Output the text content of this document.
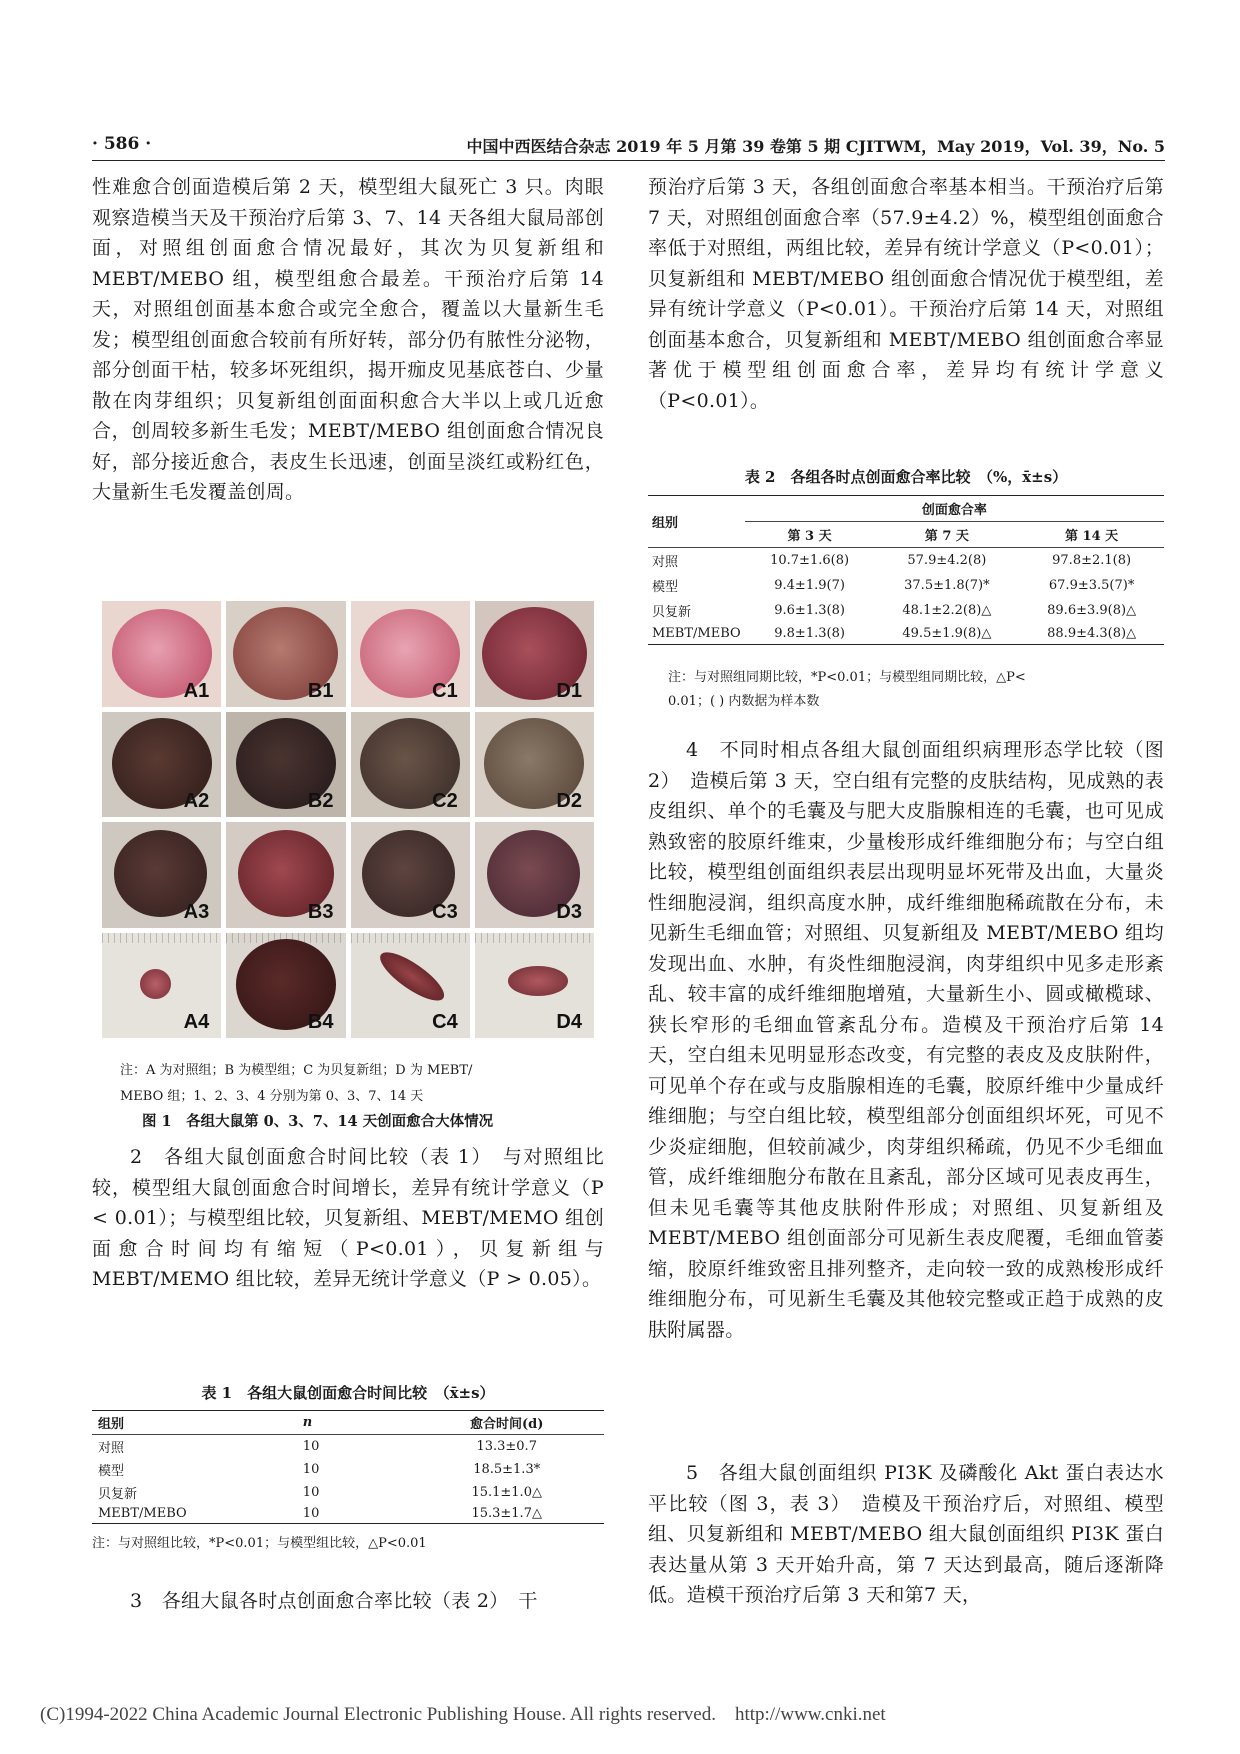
· 586 ·	中国中西医结合杂志 2019 年 5 月第 39 卷第 5 期 CJITWM，May 2019，Vol. 39，No. 5

性难愈合创面造模后第 2 天，模型组大鼠死亡 3 只。肉眼观察造模当天及干预治疗后第 3、7、14 天各组大鼠局部创面，对照组创面愈合情况最好，其次为贝复新组和 MEBT/MEBO 组，模型组愈合最差。干预治疗后第 14 天，对照组创面基本愈合或完全愈合，覆盖以大量新生毛发；模型组创面愈合较前有所好转，部分仍有脓性分泌物，部分创面干枯，较多坏死组织，揭开痂皮见基底苍白、少量散在肉芽组织；贝复新组创面面积愈合大半以上或几近愈合，创周较多新生毛发；MEBT/MEBO 组创面愈合情况良好，部分接近愈合，表皮生长迅速，创面呈淡红或粉红色，大量新生毛发覆盖创周。

A1	B1	C1	D1
A2	B2	C2	D2
A3	B3	C3	D3
A4	B4	C4	D4
注：A 为对照组；B 为模型组；C 为贝复新组；D 为 MEBT/
MEBO 组；1、2、3、4 分别为第 0、3、7、14 天
图 1　各组大鼠第 0、3、7、14 天创面愈合大体情况

2　各组大鼠创面愈合时间比较（表 1）　与对照组比较，模型组大鼠创面愈合时间增长，差异有统计学意义（P < 0.01）；与模型组比较，贝复新组、MEBT/MEMO 组创面愈合时间均有缩短（P<0.01），贝复新组与 MEBT/MEMO 组比较，差异无统计学意义（P > 0.05）。

表 1　各组大鼠创面愈合时间比较　（x̄±s）
组别	n	愈合时间(d)
对照	10	13.3±0.7
模型	10	18.5±1.3*
贝复新	10	15.1±1.0△
MEBT/MEBO	10	15.3±1.7△
注：与对照组比较，*P<0.01；与模型组比较，△P<0.01

3　各组大鼠各时点创面愈合率比较（表 2）　干

预治疗后第 3 天，各组创面愈合率基本相当。干预治疗后第 7 天，对照组创面愈合率（57.9±4.2）%，模型组创面愈合率低于对照组，两组比较，差异有统计学意义（P<0.01）；贝复新组和 MEBT/MEBO 组创面愈合情况优于模型组，差异有统计学意义（P<0.01）。干预治疗后第 14 天，对照组创面基本愈合，贝复新组和 MEBT/MEBO 组创面愈合率显著优于模型组创面愈合率，差异均有统计学意义（P<0.01）。

表 2　各组各时点创面愈合率比较　（%，x̄±s）
组别	创面愈合率		
	第 3 天	第 7 天	第 14 天
对照	10.7±1.6(8)	57.9±4.2(8)	97.8±2.1(8)
模型	9.4±1.9(7)	37.5±1.8(7)*	67.9±3.5(7)*
贝复新	9.6±1.3(8)	48.1±2.2(8)△	89.6±3.9(8)△
MEBT/MEBO	9.8±1.3(8)	49.5±1.9(8)△	88.9±4.3(8)△
注：与对照组同期比较，*P<0.01；与模型组同期比较，△P<
0.01；( ) 内数据为样本数

4　不同时相点各组大鼠创面组织病理形态学比较（图 2）　造模后第 3 天，空白组有完整的皮肤结构，见成熟的表皮组织、单个的毛囊及与肥大皮脂腺相连的毛囊，也可见成熟致密的胶原纤维束，少量梭形成纤维细胞分布；与空白组比较，模型组创面组织表层出现明显坏死带及出血，大量炎性细胞浸润，组织高度水肿，成纤维细胞稀疏散在分布，未见新生毛细血管；对照组、贝复新组及 MEBT/MEBO 组均发现出血、水肿，有炎性细胞浸润，肉芽组织中见多走形紊乱、较丰富的成纤维细胞增殖，大量新生小、圆或橄榄球、狭长窄形的毛细血管紊乱分布。造模及干预治疗后第 14 天，空白组未见明显形态改变，有完整的表皮及皮肤附件，可见单个存在或与皮脂腺相连的毛囊，胶原纤维中少量成纤维细胞；与空白组比较，模型组部分创面组织坏死，可见不少炎症细胞，但较前减少，肉芽组织稀疏，仍见不少毛细血管，成纤维细胞分布散在且紊乱，部分区域可见表皮再生，但未见毛囊等其他皮肤附件形成；对照组、贝复新组及 MEBT/MEBO 组创面部分可见新生表皮爬覆，毛细血管萎缩，胶原纤维致密且排列整齐，走向较一致的成熟梭形成纤维细胞分布，可见新生毛囊及其他较完整或正趋于成熟的皮肤附属器。

5　各组大鼠创面组织 PI3K 及磷酸化 Akt 蛋白表达水平比较（图 3，表 3）　造模及干预治疗后，对照组、模型组、贝复新组和 MEBT/MEBO 组大鼠创面组织 PI3K 蛋白表达量从第 3 天开始升高，第 7 天达到最高，随后逐渐降低。造模干预治疗后第 3 天和第7 天，

(C)1994-2022 China Academic Journal Electronic Publishing House. All rights reserved.　http://www.cnki.net
